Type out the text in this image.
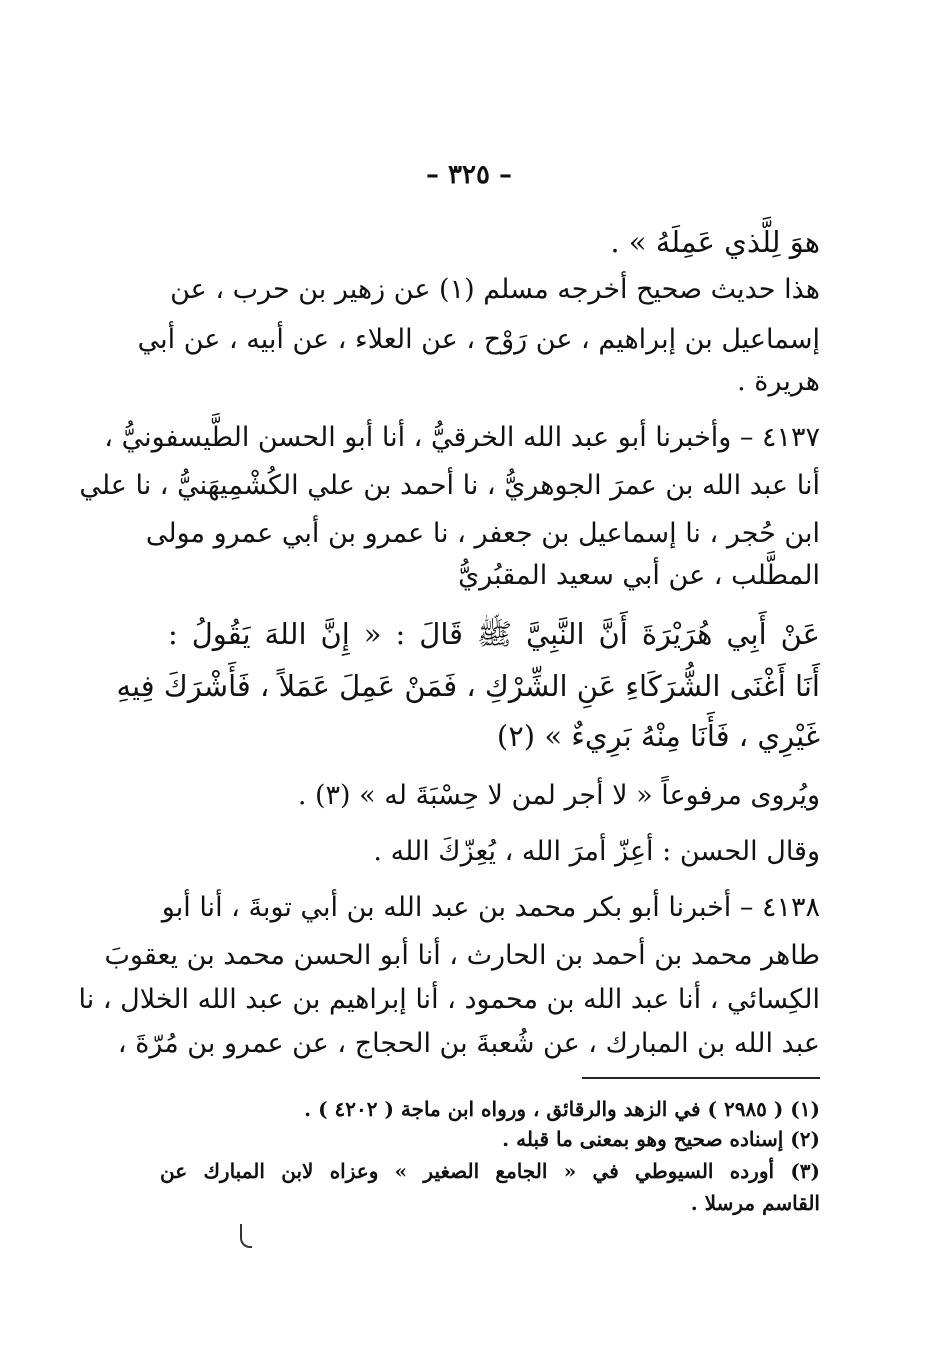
– ٣٢٥ –
هوَ لِلَّذي عَمِلَهُ » .
هذا حديث صحيح أخرجه مسلم (١) عن زهير بن حرب ، عن
إسماعيل بن إبراهيم ، عن رَوْح ، عن العلاء ، عن أبيه ، عن أبي
هريرة .
٤١٣٧ – وأخبرنا أبو عبد الله الخرقيُّ ، أنا أبو الحسن الطَّيسفونيُّ ،
أنا عبد الله بن عمرَ الجوهريُّ ، نا أحمد بن علي الكُشْمِيهَنيُّ ، نا علي
ابن حُجر ، نا إسماعيل بن جعفر ، نا عمرو بن أبي عمرو مولى
المطَّلب ، عن أبي سعيد المقبُريُّ
عَنْ أَبِي هُرَيْرَةَ أَنَّ النَّبِيَّ ﷺ قَالَ : « إِنَّ اللهَ يَقُولُ :
أَنَا أَغْنَى الشُّرَكَاءِ عَنِ الشِّرْكِ ، فَمَنْ عَمِلَ عَمَلاً ، فَأَشْرَكَ فِيهِ
غَيْرِي ، فَأَنَا مِنْهُ بَرِيءٌ » (٢)
ويُروى مرفوعاً « لا أجر لمن لا حِسْبَةَ له » (٣) .
وقال الحسن : أعِزّ أمرَ الله ، يُعِزّكَ الله .
٤١٣٨ – أخبرنا أبو بكر محمد بن عبد الله بن أبي توبةَ ، أنا أبو
طاهر محمد بن أحمد بن الحارث ، أنا أبو الحسن محمد بن يعقوبَ
الكِسائي ، أنا عبد الله بن محمود ، أنا إبراهيم بن عبد الله الخلال ، نا
عبد الله بن المبارك ، عن شُعبةَ بن الحجاج ، عن عمرو بن مُرّةَ ،
(١) ( ٢٩٨٥ ) في الزهد والرقائق ، ورواه ابن ماجة ( ٤٢٠٢ ) .
(٢) إسناده صحيح وهو بمعنى ما قبله .
(٣) أورده السيوطي في « الجامع الصغير » وعزاه لابن المبارك عن
القاسم مرسلا .
